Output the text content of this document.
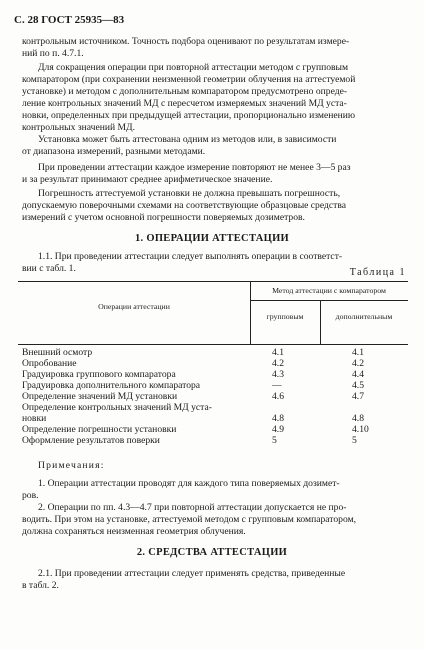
С. 28 ГОСТ 25935—83
контрольным источником. Точность подбора оценивают по результатам измере-
ний по п. 4.7.1.
Для сокращения операции при повторной аттестации методом с групповым
компаратором (при сохранении неизменной геометрии облучения на аттестуемой
установке) и методом с дополнительным компаратором предусмотрено опреде-
ление контрольных значений МД с пересчетом измеряемых значений МД уста-
новки, определенных при предыдущей аттестации, пропорционально изменению
контрольных значений МД.
Установка может быть аттестована одним из методов или, в зависимости
от диапазона измерений, разными методами.
При проведении аттестации каждое измерение повторяют не менее 3—5 раз
и за результат принимают среднее арифметическое значение.
Погрешность аттестуемой установки не должна превышать погрешность,
допускаемую поверочными схемами на соответствующие образцовые средства
измерений с учетом основной погрешности поверяемых дозиметров.
1. ОПЕРАЦИИ АТТЕСТАЦИИ
1.1. При проведении аттестации следует выполнять операции в соответст-
вии с табл. 1.	Таблица 1
Операции аттестации
Метод аттестации с компаратором
групповым	дополнительным
Внешний осмотр	4.1	4.1
Опробование	4.2	4.2
Градуировка группового компаратора	4.3	4.4
Градуировка дополнительного компаратора	—	4.5
Определение значений МД установки	4.6	4.7
Определение контрольных значений МД уста-
новки	4.8	4.8
Определение погрешности установки	4.9	4.10
Оформление результатов поверки	5	5
Примечания:
1. Операции аттестации проводят для каждого типа поверяемых дозимет-
ров.
2. Операции по пп. 4.3—4.7 при повторной аттестации допускается не про-
водить. При этом на установке, аттестуемой методом с групповым компаратором,
должна сохраняться неизменная геометрия облучения.
2. СРЕДСТВА АТТЕСТАЦИИ
2.1. При проведении аттестации следует применять средства, приведенные
в табл. 2.
